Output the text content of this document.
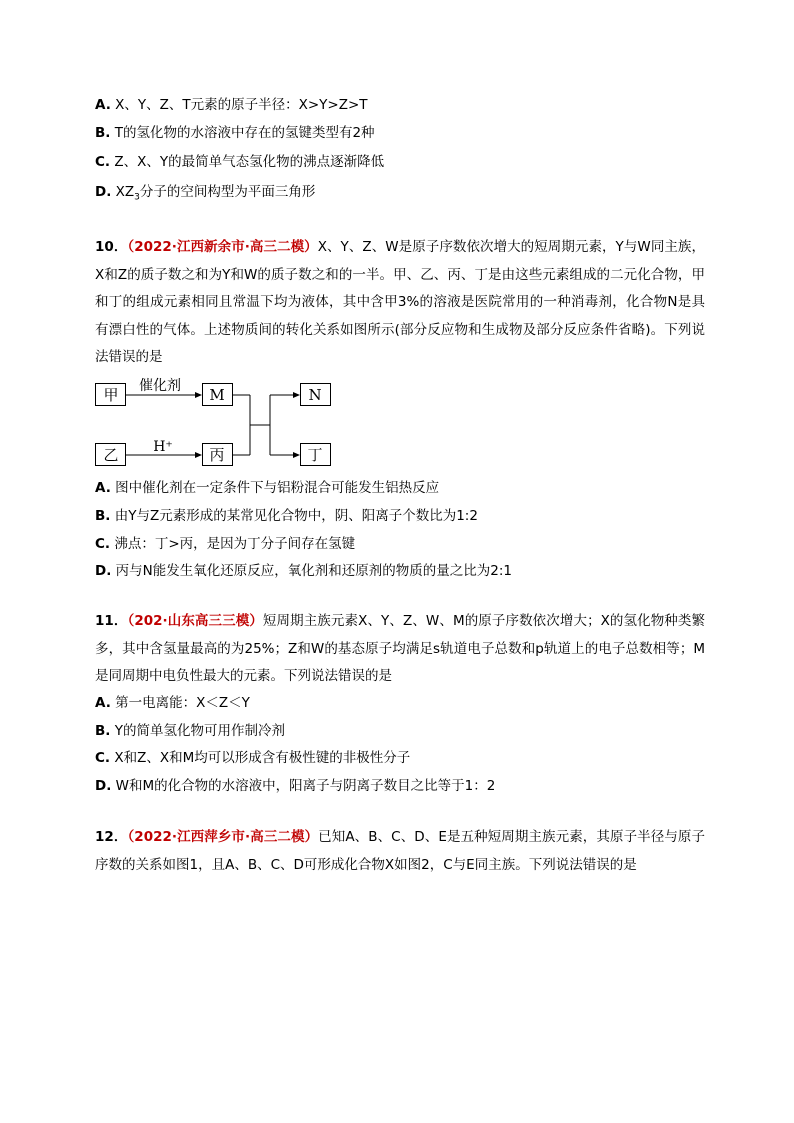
A. X、Y、Z、T元素的原子半径：X>Y>Z>T
B. T的氢化物的水溶液中存在的氢键类型有2种
C. Z、X、Y的最简单气态氢化物的沸点逐渐降低
D. $XZ_3$分子的空间构型为平面三角形
10．（2022·江西新余市·高三二模）X、Y、Z、W是原子序数依次增大的短周期元素，Y与W同主族，X和Z的质子数之和为Y和W的质子数之和的一半。甲、乙、丙、丁是由这些元素组成的二元化合物，甲和丁的组成元素相同且常温下均为液体，其中含甲3%的溶液是医院常用的一种消毒剂，化合物N是具有漂白性的气体。上述物质间的转化关系如图所示(部分反应物和生成物及部分反应条件省略)。下列说法错误的是
甲
乙
M
丙
N
丁
催化剂
H⁺
A. 图中催化剂在一定条件下与铝粉混合可能发生铝热反应
B. 由Y与Z元素形成的某常见化合物中，阴、阳离子个数比为1:2
C. 沸点：丁>丙，是因为丁分子间存在氢键
D. 丙与N能发生氧化还原反应，氧化剂和还原剂的物质的量之比为2:1
11．（202·山东高三三模）短周期主族元素X、Y、Z、W、M的原子序数依次增大；X的氢化物种类繁多，其中含氢量最高的为25%；Z和W的基态原子均满足s轨道电子总数和p轨道上的电子总数相等；M是同周期中电负性最大的元素。下列说法错误的是
A. 第一电离能：X＜Z＜Y
B. Y的简单氢化物可用作制冷剂
C. X和Z、X和M均可以形成含有极性键的非极性分子
D. W和M的化合物的水溶液中，阳离子与阴离子数目之比等于1：2
12．（2022·江西萍乡市·高三二模）已知A、B、C、D、E是五种短周期主族元素，其原子半径与原子序数的关系如图1，且A、B、C、D可形成化合物X如图2，C与E同主族。下列说法错误的是
